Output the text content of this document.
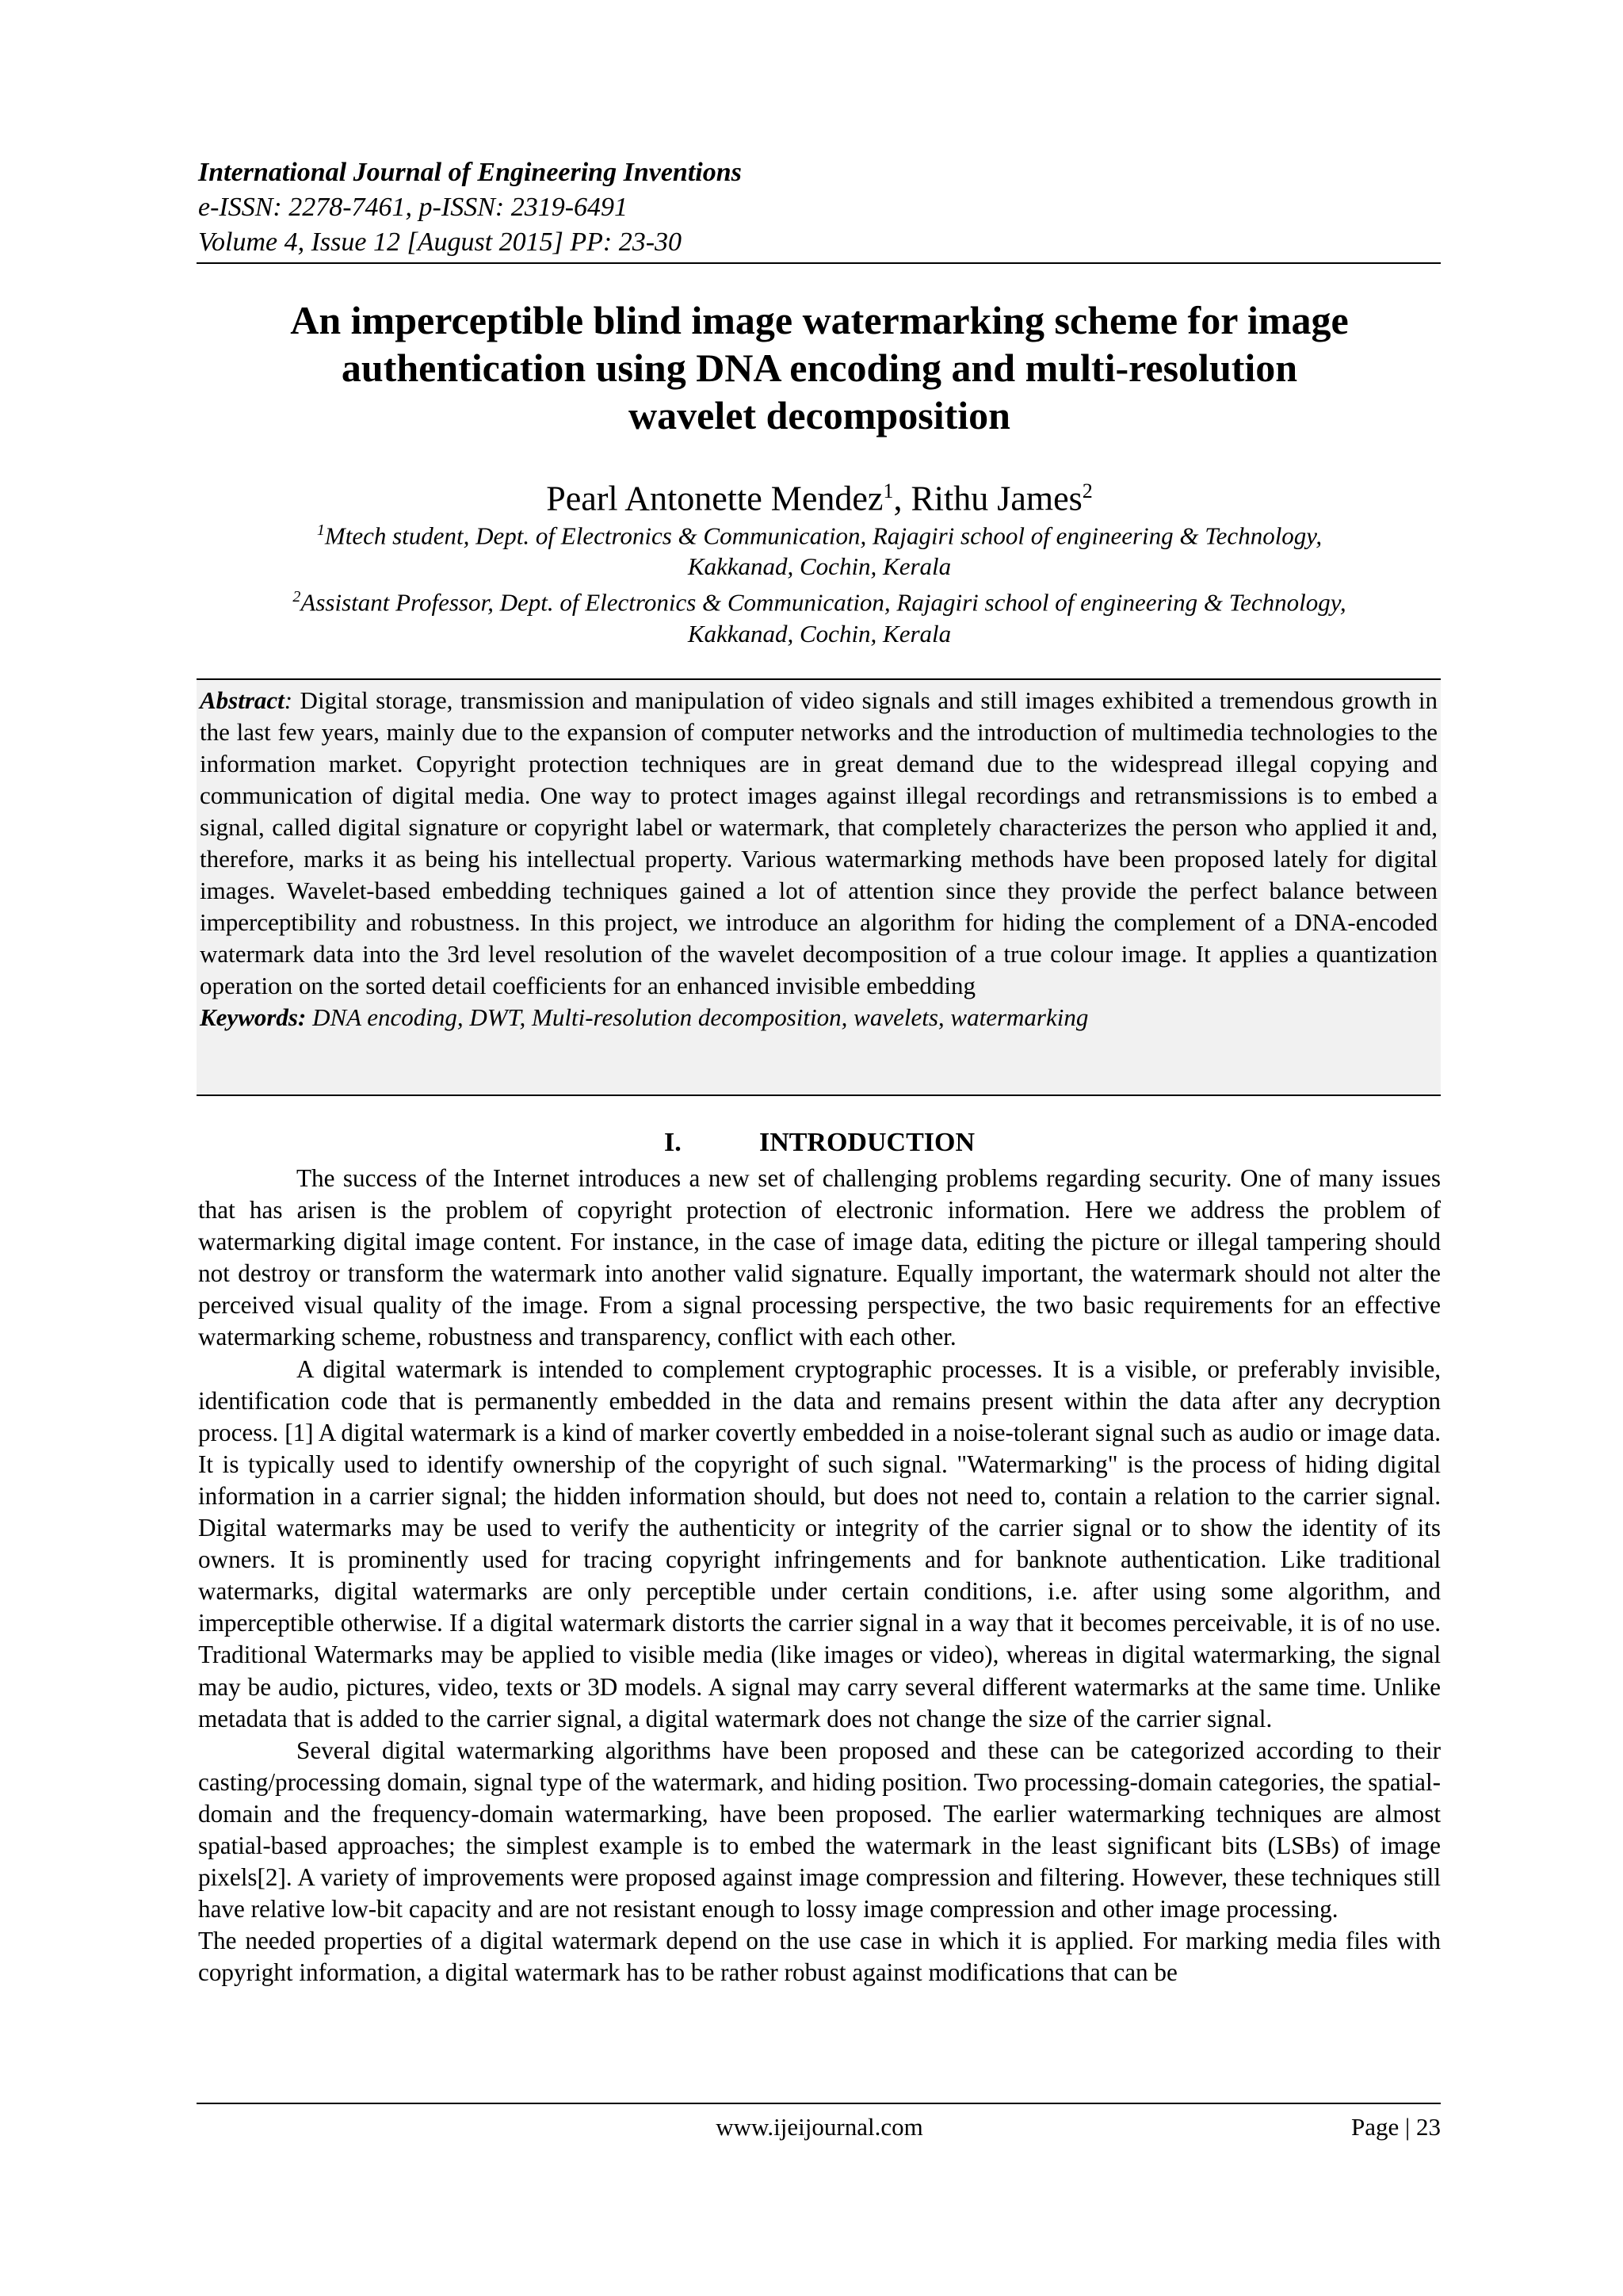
International Journal of Engineering Inventions
e-ISSN: 2278-7461, p-ISSN: 2319-6491
Volume 4, Issue 12 [August 2015] PP: 23-30
An imperceptible blind image watermarking scheme for image
authentication using DNA encoding and multi-resolution
wavelet decomposition
Pearl Antonette Mendez$^1$, Rithu James$^2$
$^1$Mtech student, Dept. of Electronics & Communication, Rajagiri school of engineering & Technology,
Kakkanad, Cochin, Kerala
$^2$Assistant Professor, Dept. of Electronics & Communication, Rajagiri school of engineering & Technology,
Kakkanad, Cochin, Kerala

Abstract: Digital storage, transmission and manipulation of video signals and still images exhibited a tremendous growth in the last few years, mainly due to the expansion of computer networks and the introduction of multimedia technologies to the information market. Copyright protection techniques are in great demand due to the widespread illegal copying and communication of digital media. One way to protect images against illegal recordings and retransmissions is to embed a signal, called digital signature or copyright label or watermark, that completely characterizes the person who applied it and, therefore, marks it as being his intellectual property. Various watermarking methods have been proposed lately for digital images. Wavelet-based embedding techniques gained a lot of attention since they provide the perfect balance between imperceptibility and robustness. In this project, we introduce an algorithm for hiding the complement of a DNA-encoded watermark data into the 3rd level resolution of the wavelet decomposition of a true colour image. It applies a quantization operation on the sorted detail coefficients for an enhanced invisible embedding

Keywords: DNA encoding, DWT, Multi-resolution decomposition, wavelets, watermarking

I.	INTRODUCTION

The success of the Internet introduces a new set of challenging problems regarding security. One of many issues that has arisen is the problem of copyright protection of electronic information. Here we address the problem of watermarking digital image content. For instance, in the case of image data, editing the picture or illegal tampering should not destroy or transform the watermark into another valid signature. Equally important, the watermark should not alter the perceived visual quality of the image. From a signal processing perspective, the two basic requirements for an effective watermarking scheme, robustness and transparency, conflict with each other.

A digital watermark is intended to complement cryptographic processes. It is a visible, or preferably invisible, identification code that is permanently embedded in the data and remains present within the data after any decryption process. [1] A digital watermark is a kind of marker covertly embedded in a noise-tolerant signal such as audio or image data. It is typically used to identify ownership of the copyright of such signal. "Watermarking" is the process of hiding digital information in a carrier signal; the hidden information should, but does not need to, contain a relation to the carrier signal. Digital watermarks may be used to verify the authenticity or integrity of the carrier signal or to show the identity of its owners. It is prominently used for tracing copyright infringements and for banknote authentication. Like traditional watermarks, digital watermarks are only perceptible under certain conditions, i.e. after using some algorithm, and imperceptible otherwise. If a digital watermark distorts the carrier signal in a way that it becomes perceivable, it is of no use. Traditional Watermarks may be applied to visible media (like images or video), whereas in digital watermarking, the signal may be audio, pictures, video, texts or 3D models. A signal may carry several different watermarks at the same time. Unlike metadata that is added to the carrier signal, a digital watermark does not change the size of the carrier signal.

Several digital watermarking algorithms have been proposed and these can be categorized according to their casting/processing domain, signal type of the watermark, and hiding position. Two processing-domain categories, the spatial-domain and the frequency-domain watermarking, have been proposed. The earlier watermarking techniques are almost spatial-based approaches; the simplest example is to embed the watermark in the least significant bits (LSBs) of image pixels[2]. A variety of improvements were proposed against image compression and filtering. However, these techniques still have relative low-bit capacity and are not resistant enough to lossy image compression and other image processing.

The needed properties of a digital watermark depend on the use case in which it is applied. For marking media files with copyright information, a digital watermark has to be rather robust against modifications that can be

www.ijeijournal.com	Page | 23
